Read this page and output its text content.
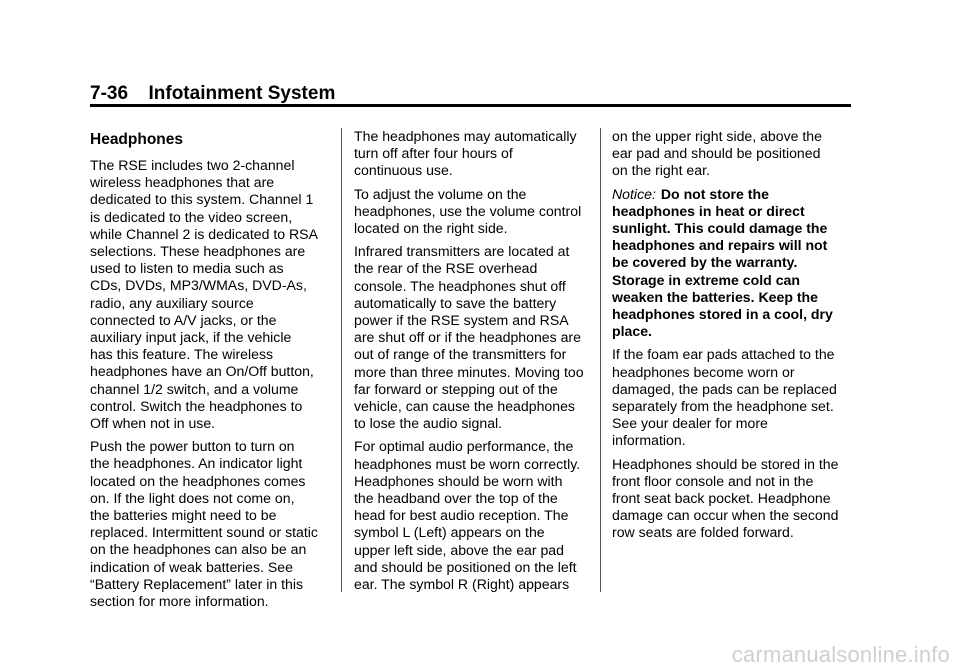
7-36 Infotainment System
Headphones

The RSE includes two 2-channel
wireless headphones that are
dedicated to this system. Channel 1
is dedicated to the video screen,
while Channel 2 is dedicated to RSA
selections. These headphones are
used to listen to media such as
CDs, DVDs, MP3/WMAs, DVD-As,
radio, any auxiliary source
connected to A/V jacks, or the
auxiliary input jack, if the vehicle
has this feature. The wireless
headphones have an On/Off button,
channel 1/2 switch, and a volume
control. Switch the headphones to
Off when not in use.

Push the power button to turn on
the headphones. An indicator light
located on the headphones comes
on. If the light does not come on,
the batteries might need to be
replaced. Intermittent sound or static
on the headphones can also be an
indication of weak batteries. See
“Battery Replacement” later in this
section for more information.

The headphones may automatically
turn off after four hours of
continuous use.

To adjust the volume on the
headphones, use the volume control
located on the right side.

Infrared transmitters are located at
the rear of the RSE overhead
console. The headphones shut off
automatically to save the battery
power if the RSE system and RSA
are shut off or if the headphones are
out of range of the transmitters for
more than three minutes. Moving too
far forward or stepping out of the
vehicle, can cause the headphones
to lose the audio signal.

For optimal audio performance, the
headphones must be worn correctly.
Headphones should be worn with
the headband over the top of the
head for best audio reception. The
symbol L (Left) appears on the
upper left side, above the ear pad
and should be positioned on the left
ear. The symbol R (Right) appears

on the upper right side, above the
ear pad and should be positioned
on the right ear.

Notice: Do not store the
headphones in heat or direct
sunlight. This could damage the
headphones and repairs will not
be covered by the warranty.
Storage in extreme cold can
weaken the batteries. Keep the
headphones stored in a cool, dry
place.

If the foam ear pads attached to the
headphones become worn or
damaged, the pads can be replaced
separately from the headphone set.
See your dealer for more
information.

Headphones should be stored in the
front floor console and not in the
front seat back pocket. Headphone
damage can occur when the second
row seats are folded forward.

carmanualsonline.info
